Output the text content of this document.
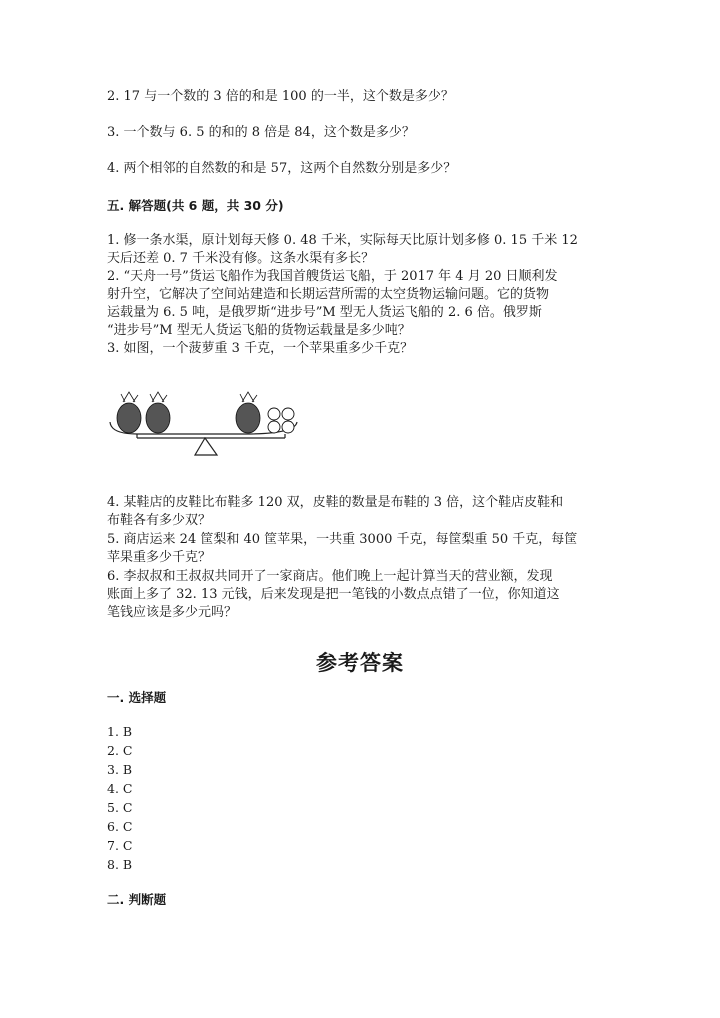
2. 17 与一个数的 3 倍的和是 100 的一半，这个数是多少？
3. 一个数与 6. 5 的和的 8 倍是 84，这个数是多少？
4. 两个相邻的自然数的和是 57，这两个自然数分别是多少？
五. 解答题(共 6 题，共 30 分)
1. 修一条水渠，原计划每天修 0. 48 千米，实际每天比原计划多修 0. 15 千米 12
天后还差 0. 7 千米没有修。这条水渠有多长？
2. “天舟一号”货运飞船作为我国首艘货运飞船，于 2017 年 4 月 20 日顺利发
射升空，它解决了空间站建造和长期运营所需的太空货物运输问题。它的货物
运载量为 6. 5 吨，是俄罗斯“进步号”M 型无人货运飞船的 2. 6 倍。俄罗斯
“进步号”M 型无人货运飞船的货物运载量是多少吨？
3. 如图，一个菠萝重 3 千克，一个苹果重多少千克？
4. 某鞋店的皮鞋比布鞋多 120 双，皮鞋的数量是布鞋的 3 倍，这个鞋店皮鞋和
布鞋各有多少双？
5. 商店运来 24 筐梨和 40 筐苹果，一共重 3000 千克，每筐梨重 50 千克，每筐
苹果重多少千克？
6. 李叔叔和王叔叔共同开了一家商店。他们晚上一起计算当天的营业额，发现
账面上多了 32. 13 元钱，后来发现是把一笔钱的小数点点错了一位，你知道这
笔钱应该是多少元吗？
参考答案
一. 选择题
1. B
2. C
3. B
4. C
5. C
6. C
7. C
8. B
二. 判断题
